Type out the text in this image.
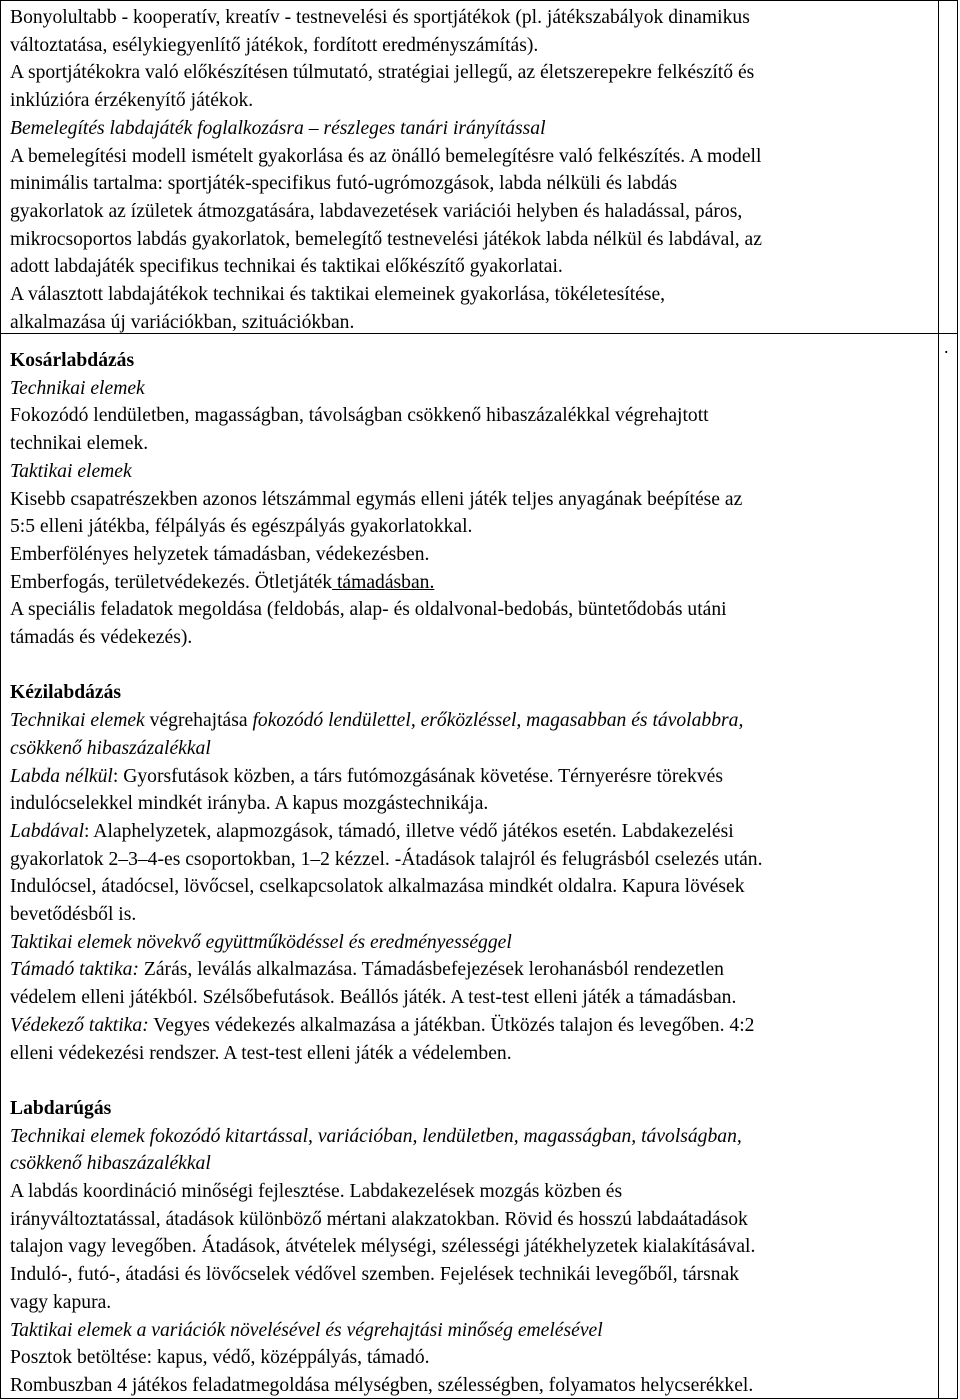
.

Bonyolultabb - kooperatív, kreatív - testnevelési és sportjátékok (pl. játékszabályok dinamikus

változtatása, esélykiegyenlítő játékok, fordított eredményszámítás).

A sportjátékokra való előkészítésen túlmutató, stratégiai jellegű, az életszerepekre felkészítő és

inklúzióra érzékenyítő játékok.

Bemelegítés labdajáték foglalkozásra – részleges tanári irányítással

A bemelegítési modell ismételt gyakorlása és az önálló bemelegítésre való felkészítés. A modell

minimális tartalma: sportjáték-specifikus futó-ugrómozgások, labda nélküli és labdás

gyakorlatok az ízületek átmozgatására, labdavezetések variációi helyben és haladással, páros,

mikrocsoportos labdás gyakorlatok, bemelegítő testnevelési játékok labda nélkül és labdával, az

adott labdajáték specifikus technikai és taktikai előkészítő gyakorlatai.

A választott labdajátékok technikai és taktikai elemeinek gyakorlása, tökéletesítése,

alkalmazása új variációkban, szituációkban.

Kosárlabdázás

Technikai elemek

Fokozódó lendületben, magasságban, távolságban csökkenő hibaszázalékkal végrehajtott

technikai elemek.

Taktikai elemek

Kisebb csapatrészekben azonos létszámmal egymás elleni játék teljes anyagának beépítése az

5:5 elleni játékba, félpályás és egészpályás gyakorlatokkal.

Emberfölényes helyzetek támadásban, védekezésben.

Emberfogás, területvédekezés. Ötletjáték támadásban.

A speciális feladatok megoldása (feldobás, alap- és oldalvonal-bedobás, büntetődobás utáni

támadás és védekezés).

Kézilabdázás

Technikai elemek végrehajtása fokozódó lendülettel, erőközléssel, magasabban és távolabbra,

csökkenő hibaszázalékkal

Labda nélkül: Gyorsfutások közben, a társ futómozgásának követése. Térnyerésre törekvés

indulócselekkel mindkét irányba. A kapus mozgástechnikája.

Labdával: Alaphelyzetek, alapmozgások, támadó, illetve védő játékos esetén. Labdakezelési

gyakorlatok 2–3–4-es csoportokban, 1–2 kézzel. -Átadások talajról és felugrásból cselezés után.

Indulócsel, átadócsel, lövőcsel, cselkapcsolatok alkalmazása mindkét oldalra. Kapura lövések

bevetődésből is.

Taktikai elemek növekvő együttműködéssel és eredményességgel

Támadó taktika: Zárás, leválás alkalmazása. Támadásbefejezések lerohanásból rendezetlen

védelem elleni játékból. Szélsőbefutások. Beállós játék. A test-test elleni játék a támadásban.

Védekező taktika: Vegyes védekezés alkalmazása a játékban. Ütközés talajon és levegőben. 4:2

elleni védekezési rendszer. A test-test elleni játék a védelemben.

Labdarúgás

Technikai elemek fokozódó kitartással, variációban, lendületben, magasságban, távolságban,

csökkenő hibaszázalékkal

A labdás koordináció minőségi fejlesztése. Labdakezelések mozgás közben és

irányváltoztatással, átadások különböző mértani alakzatokban. Rövid és hosszú labdaátadások

talajon vagy levegőben. Átadások, átvételek mélységi, szélességi játékhelyzetek kialakításával.

Induló-, futó-, átadási és lövőcselek védővel szemben. Fejelések technikái levegőből, társnak

vagy kapura.

Taktikai elemek a variációk növelésével és végrehajtási minőség emelésével

Posztok betöltése: kapus, védő, középpályás, támadó.

Rombuszban 4 játékos feladatmegoldása mélységben, szélességben, folyamatos helycserékkel.
